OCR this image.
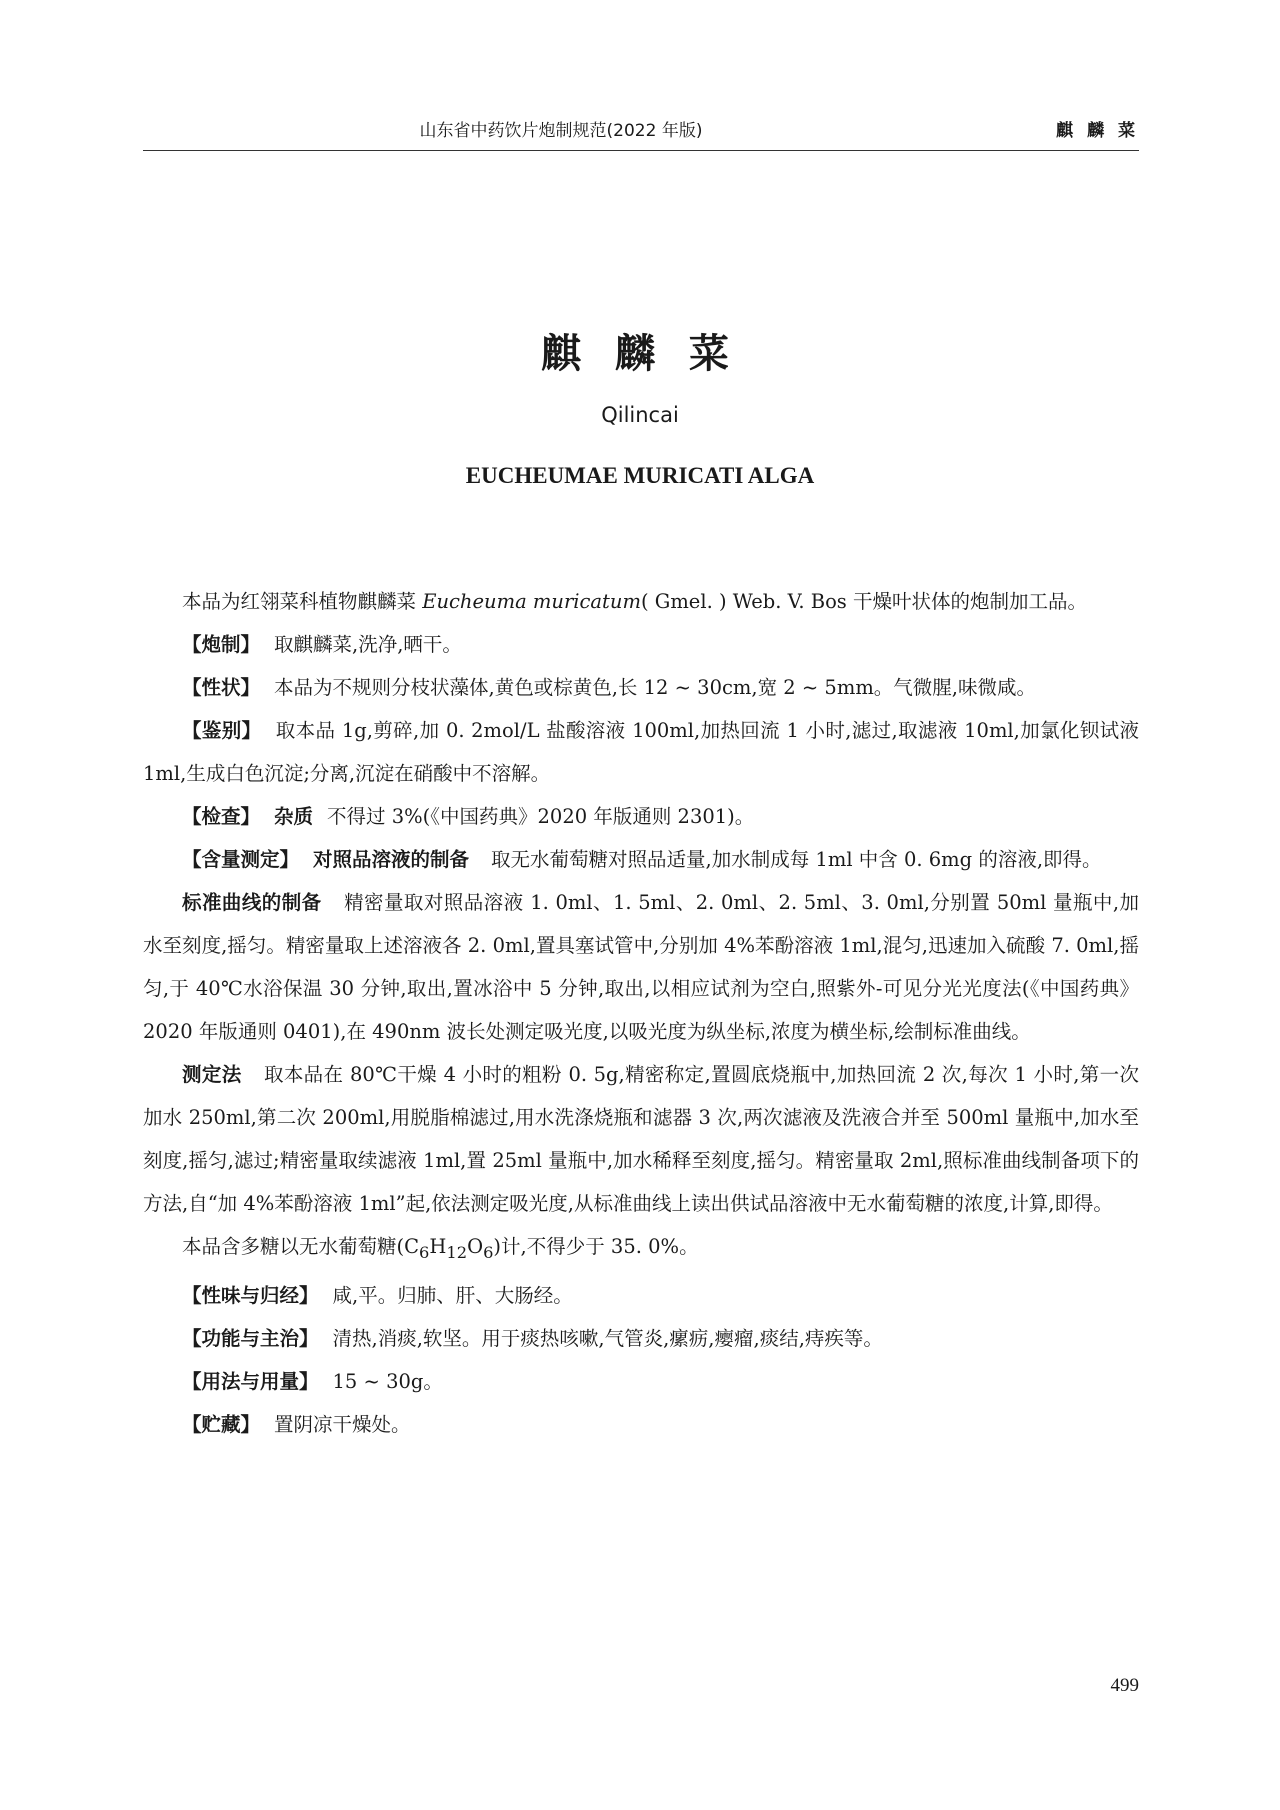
山东省中药饮片炮制规范(2022 年版)	麒 麟 菜
麒 麟 菜
Qilincai
EUCHEUMAE MURICATI ALGA

本品为红翎菜科植物麒麟菜 Eucheuma muricatum( Gmel. ) Web. V. Bos 干燥叶状体的炮制加工品。

【炮制】 取麒麟菜,洗净,晒干。

【性状】 本品为不规则分枝状藻体,黄色或棕黄色,长 12 ~ 30cm,宽 2 ~ 5mm。气微腥,味微咸。

【鉴别】 取本品 1g,剪碎,加 0. 2mol/L 盐酸溶液 100ml,加热回流 1 小时,滤过,取滤液 10ml,加氯化钡试液 1ml,生成白色沉淀;分离,沉淀在硝酸中不溶解。

【检查】 杂质 不得过 3%(《中国药典》2020 年版通则 2301)。

【含量测定】 对照品溶液的制备 取无水葡萄糖对照品适量,加水制成每 1ml 中含 0. 6mg 的溶液,即得。

标准曲线的制备 精密量取对照品溶液 1. 0ml、1. 5ml、2. 0ml、2. 5ml、3. 0ml,分别置 50ml 量瓶中,加水至刻度,摇匀。精密量取上述溶液各 2. 0ml,置具塞试管中,分别加 4%苯酚溶液 1ml,混匀,迅速加入硫酸 7. 0ml,摇匀,于 40℃水浴保温 30 分钟,取出,置冰浴中 5 分钟,取出,以相应试剂为空白,照紫外-可见分光光度法(《中国药典》2020 年版通则 0401),在 490nm 波长处测定吸光度,以吸光度为纵坐标,浓度为横坐标,绘制标准曲线。

测定法 取本品在 80℃干燥 4 小时的粗粉 0. 5g,精密称定,置圆底烧瓶中,加热回流 2 次,每次 1 小时,第一次加水 250ml,第二次 200ml,用脱脂棉滤过,用水洗涤烧瓶和滤器 3 次,两次滤液及洗液合并至 500ml 量瓶中,加水至刻度,摇匀,滤过;精密量取续滤液 1ml,置 25ml 量瓶中,加水稀释至刻度,摇匀。精密量取 2ml,照标准曲线制备项下的方法,自“加 4%苯酚溶液 1ml”起,依法测定吸光度,从标准曲线上读出供试品溶液中无水葡萄糖的浓度,计算,即得。

本品含多糖以无水葡萄糖$(C_6H_{12}O_6)$计,不得少于 35. 0%。

【性味与归经】 咸,平。归肺、肝、大肠经。

【功能与主治】 清热,消痰,软坚。用于痰热咳嗽,气管炎,瘰疬,瘿瘤,痰结,痔疾等。

【用法与用量】 15 ~ 30g。

【贮藏】 置阴凉干燥处。

499
